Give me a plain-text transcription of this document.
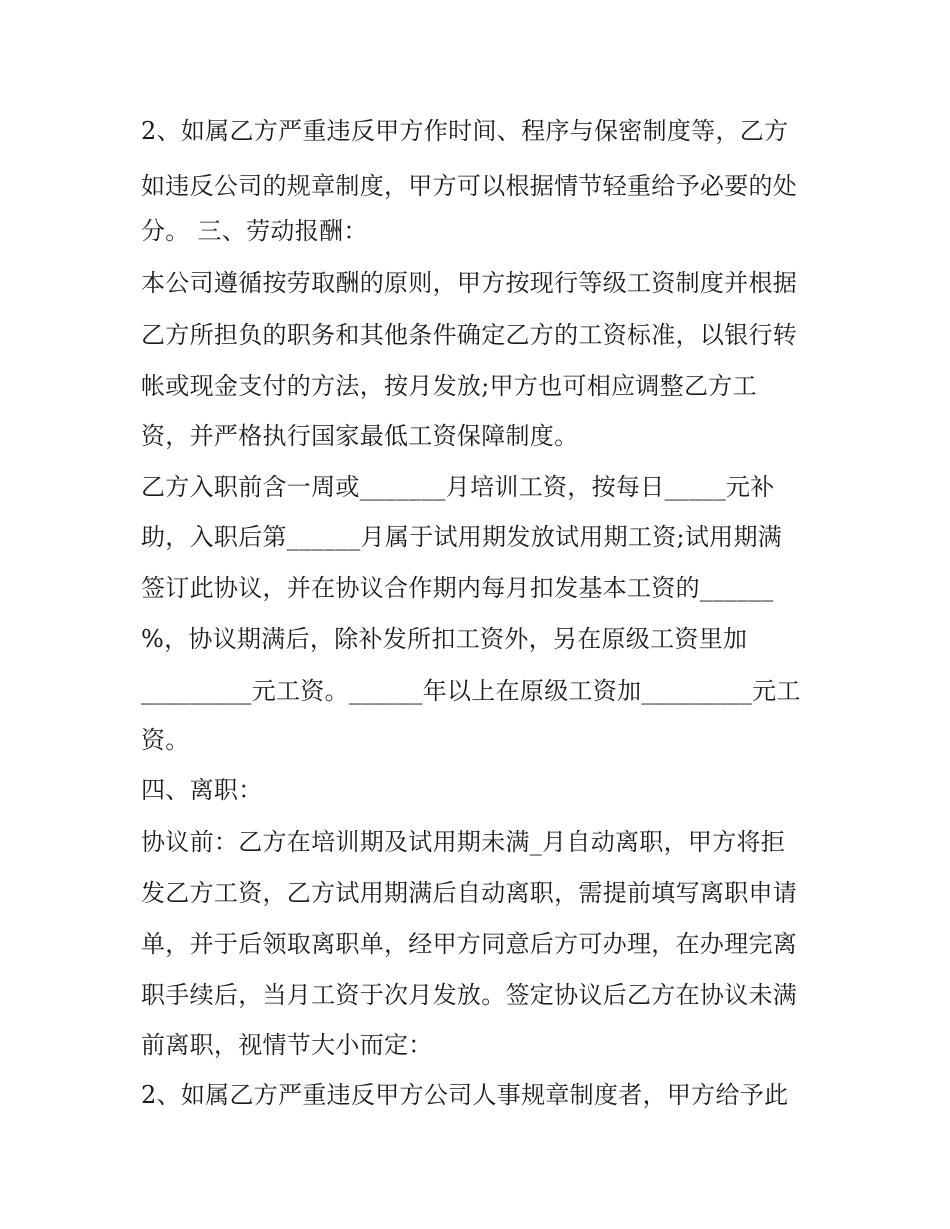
2、如属乙方严重违反甲方作时间、程序与保密制度等，乙方

如违反公司的规章制度，甲方可以根据情节轻重给予必要的处

分。 三、劳动报酬：

本公司遵循按劳取酬的原则，甲方按现行等级工资制度并根据

乙方所担负的职务和其他条件确定乙方的工资标准，以银行转

帐或现金支付的方法，按月发放;甲方也可相应调整乙方工

资，并严格执行国家最低工资保障制度。

乙方入职前含一周或_______月培训工资，按每日_____元补

助，入职后第______月属于试用期发放试用期工资;试用期满

签订此协议，并在协议合作期内每月扣发基本工资的______

%，协议期满后，除补发所扣工资外，另在原级工资里加

_________元工资。______年以上在原级工资加_________元工

资。

四、离职：

协议前：乙方在培训期及试用期未满_月自动离职，甲方将拒

发乙方工资，乙方试用期满后自动离职，需提前填写离职申请

单，并于后领取离职单，经甲方同意后方可办理，在办理完离

职手续后，当月工资于次月发放。签定协议后乙方在协议未满

前离职，视情节大小而定：

2、如属乙方严重违反甲方公司人事规章制度者，甲方给予此
